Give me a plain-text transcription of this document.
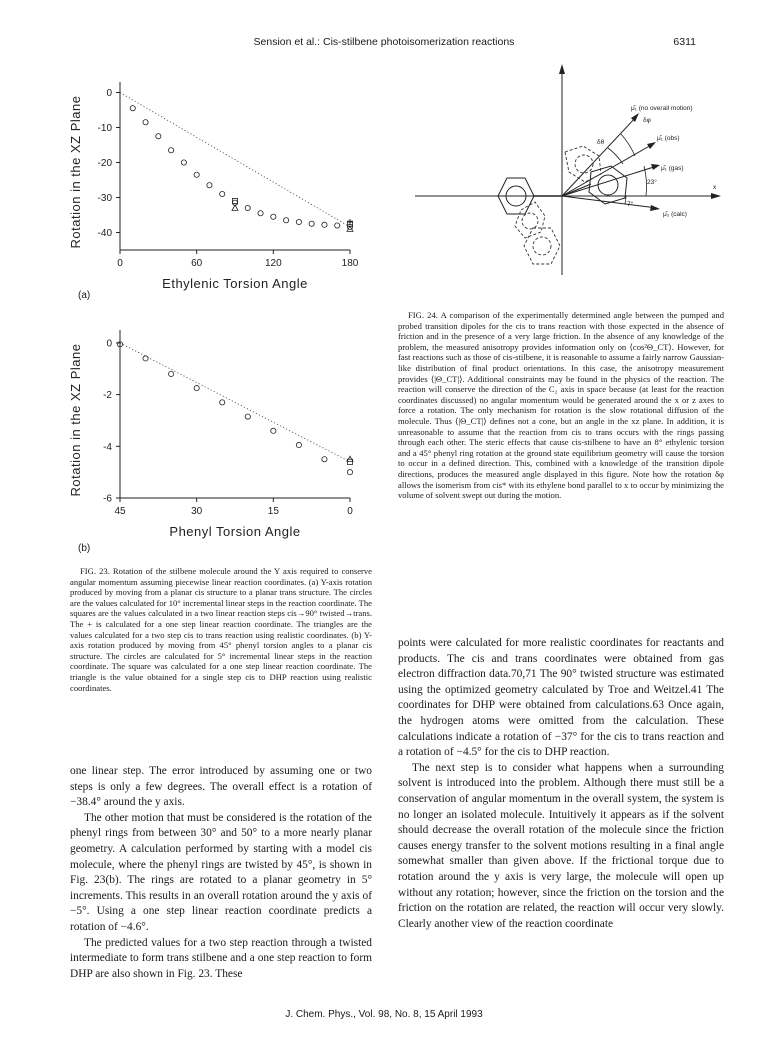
Sension et al.: Cis-stilbene photoisomerization reactions	6311
0
-10
-20
-30
-40
0	60	120	180
Ethylenic Torsion Angle
Rotation in the XZ Plane
(a)
0
-2
-4
-6
45	30	15	0
Phenyl Torsion Angle
Rotation in the XZ Plane
(b)
x
μ̂₁ (no overall motion)
δφ
δθ
μ̂₁ (obs)
μ̂₁ (gas)
23°
7°
μ̂₂ (calc)

FIG. 23. Rotation of the stilbene molecule around the Y axis required to conserve angular momentum assuming piecewise linear reaction coordinates. (a) Y-axis rotation produced by moving from a planar cis structure to a planar trans structure. The circles are the values calculated for 10° incremental linear steps in the reaction coordinate. The squares are the values calculated in a two linear reaction steps cis→90° twisted→trans. The + is calculated for a one step linear reaction coordinate. The triangles are the values calculated for a two step cis to trans reaction using realistic coordinates. (b) Y-axis rotation produced by moving from 45° phenyl torsion angles to a planar cis structure. The circles are calculated for 5° incremental linear steps in the reaction coordinate. The square was calculated for a one step linear reaction coordinate. The triangle is the value obtained for a single step cis to DHP reaction using realistic coordinates.

FIG. 24. A comparison of the experimentally determined angle between the pumped and probed transition dipoles for the cis to trans reaction with those expected in the absence of friction and in the presence of a very large friction. In the absence of any knowledge of the problem, the measured anisotropy provides information only on ⟨cos²Θ_CT⟩. However, for fast reactions such as those of cis-stilbene, it is reasonable to assume a fairly narrow Gaussian-like distribution of final product orientations. In this case, the anisotropy measurement provides ⟨|Θ_CT|⟩. Additional constraints may be found in the physics of the reaction. The reaction will conserve the direction of the C₂ axis in space because (at least for the reaction coordinates discussed) no angular momentum would be generated around the x or z axes to force a rotation. The only mechanism for rotation is the slow rotational diffusion of the molecule. Thus ⟨|Θ_CT|⟩ defines not a cone, but an angle in the xz plane. In addition, it is unreasonable to assume that the reaction from cis to trans occurs with the rings passing through each other. The steric effects that cause cis-stilbene to have an 8° ethylenic torsion and a 45° phenyl ring rotation at the ground state equilibrium geometry will cause the torsion to occur in a defined direction. This, combined with a knowledge of the transition dipole directions, produces the measured angle displayed in this figure. Note how the rotation δφ allows the isomerism from cis* with its ethylene bond parallel to x to occur by minimizing the volume of solvent swept out during the motion.

one linear step. The error introduced by assuming one or two steps is only a few degrees. The overall effect is a rotation of −38.4° around the y axis.

The other motion that must be considered is the rotation of the phenyl rings from between 30° and 50° to a more nearly planar geometry. A calculation performed by starting with a model cis molecule, where the phenyl rings are twisted by 45°, is shown in Fig. 23(b). The rings are rotated to a planar geometry in 5° increments. This results in an overall rotation around the y axis of −5°. Using a one step linear reaction coordinate predicts a rotation of −4.6°.

The predicted values for a two step reaction through a twisted intermediate to form trans stilbene and a one step reaction to form DHP are also shown in Fig. 23. These

points were calculated for more realistic coordinates for reactants and products. The cis and trans coordinates were obtained from gas electron diffraction data.70,71 The 90° twisted structure was estimated using the optimized geometry calculated by Troe and Weitzel.41 The coordinates for DHP were obtained from calculations.63 Once again, the hydrogen atoms were omitted from the calculation. These calculations indicate a rotation of −37° for the cis to trans reaction and a rotation of −4.5° for the cis to DHP reaction.

The next step is to consider what happens when a surrounding solvent is introduced into the problem. Although there must still be a conservation of angular momentum in the overall system, the system is no longer an isolated molecule. Intuitively it appears as if the solvent should decrease the overall rotation of the molecule since the friction causes energy transfer to the solvent motions resulting in a final angle somewhat smaller than given above. If the frictional torque due to rotation around the y axis is very large, the molecule will open up without any rotation; however, since the friction on the torsion and the friction on the rotation are related, the reaction will occur very slowly. Clearly another view of the reaction coordinate

J. Chem. Phys., Vol. 98, No. 8, 15 April 1993
